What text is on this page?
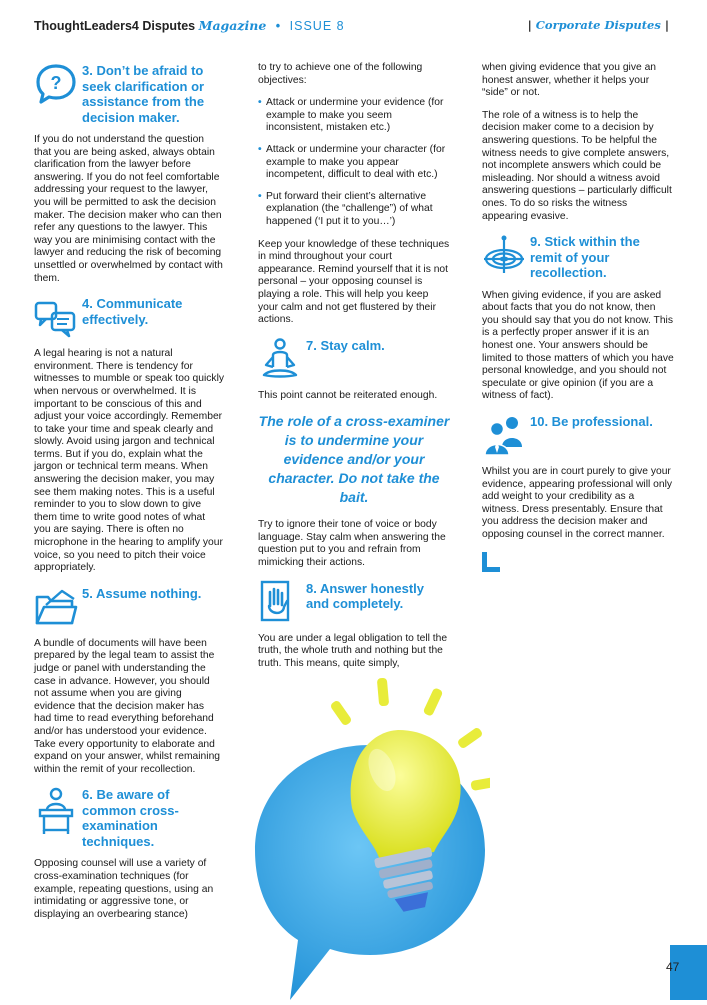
ThoughtLeaders4 Disputes Magazine • ISSUE 8	| Corporate Disputes |
?
3. Don’t be afraid to seek clarification or assistance from the decision maker.

If you do not understand the question that you are being asked, always obtain clarification from the lawyer before answering. If you do not feel comfortable addressing your request to the lawyer, you will be permitted to ask the decision maker. The decision maker who can then refer any questions to the lawyer. This way you are minimising contact with the lawyer and reducing the risk of becoming unsettled or overwhelmed by contact with them.

4. Communicate effectively.

A legal hearing is not a natural environment. There is tendency for witnesses to mumble or speak too quickly when nervous or overwhelmed. It is important to be conscious of this and adjust your voice accordingly. Remember to take your time and speak clearly and slowly. Avoid using jargon and technical terms. But if you do, explain what the jargon or technical term means. When answering the decision maker, you may see them making notes. This is a useful reminder to you to slow down to give them time to write good notes of what you are saying. There is often no microphone in the hearing to amplify your voice, so you need to pitch their voice appropriately.

5. Assume nothing.

A bundle of documents will have been prepared by the legal team to assist the judge or panel with understanding the case in advance. However, you should not assume when you are giving evidence that the decision maker has had time to read everything beforehand and/or has understood your evidence. Take every opportunity to elaborate and expand on your answer, whilst remaining within the remit of your recollection.

6. Be aware of common cross-examination techniques.

Opposing counsel will use a variety of cross-examination techniques (for example, repeating questions, using an intimidating or aggressive tone, or displaying an overbearing stance)

to try to achieve one of the following objectives:

• Attack or undermine your evidence (for example to make you seem inconsistent, mistaken etc.)
• Attack or undermine your character (for example to make you appear incompetent, difficult to deal with etc.)
• Put forward their client’s alternative explanation (the “challenge”) of what happened (‘I put it to you…’)

Keep your knowledge of these techniques in mind throughout your court appearance. Remind yourself that it is not personal – your opposing counsel is playing a role. This will help you keep your calm and not get flustered by their actions.

7. Stay calm.

This point cannot be reiterated enough.

The role of a cross-examiner is to undermine your evidence and/or your character. Do not take the bait.

Try to ignore their tone of voice or body language. Stay calm when answering the question put to you and refrain from mimicking their actions.

8. Answer honestly and completely.

You are under a legal obligation to tell the truth, the whole truth and nothing but the truth. This means, quite simply,

when giving evidence that you give an honest answer, whether it helps your “side” or not.

The role of a witness is to help the decision maker come to a decision by answering questions. To be helpful the witness needs to give complete answers, not incomplete answers which could be misleading. Nor should a witness avoid answering questions – particularly difficult ones. To do so risks the witness appearing evasive.

9. Stick within the remit of your recollection.

When giving evidence, if you are asked about facts that you do not know, then you should say that you do not know. This is a perfectly proper answer if it is an honest one. Your answers should be limited to those matters of which you have personal knowledge, and you should not speculate or give opinion (if you are a witness of fact).

10. Be professional.

Whilst you are in court purely to give your evidence, appearing professional will only add weight to your credibility as a witness. Dress presentably. Ensure that you address the decision maker and opposing counsel in the correct manner.

47
